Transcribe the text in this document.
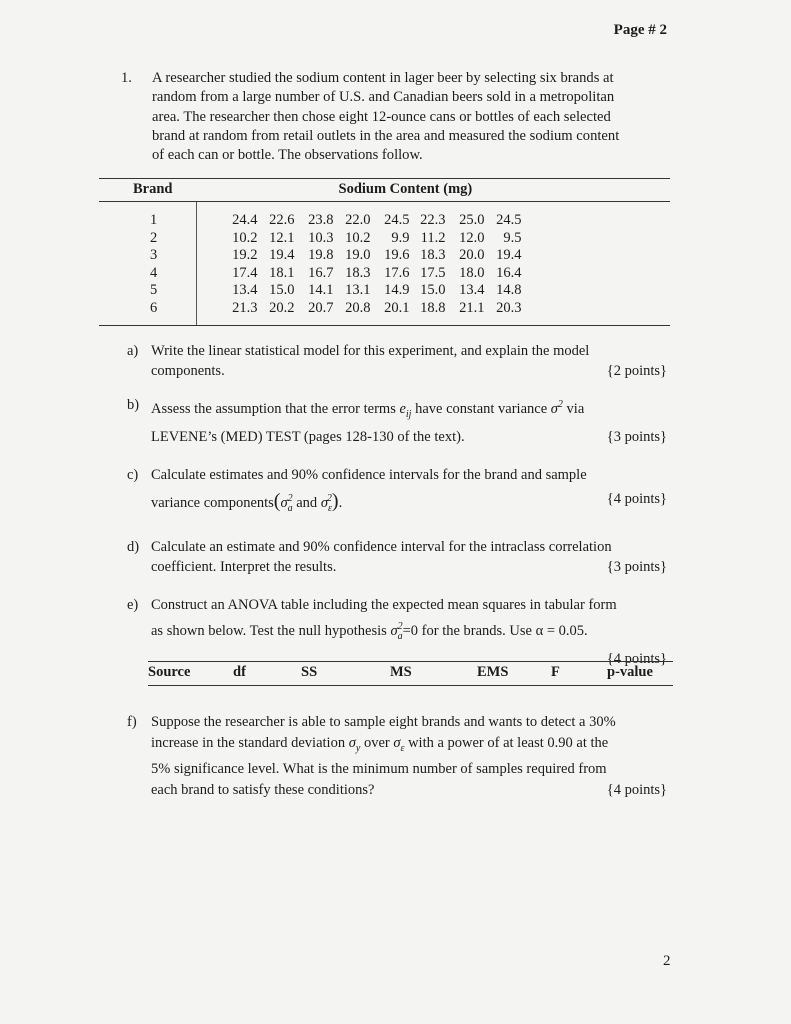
Page # 2
1. A researcher studied the sodium content in lager beer by selecting six brands at
random from a large number of U.S. and Canadian beers sold in a metropolitan
area. The researcher then chose eight 12-ounce cans or bottles of each selected
brand at random from retail outlets in the area and measured the sodium content
of each can or bottle. The observations follow.
Brand	Sodium Content (mg)								
1	24.4	22.6	23.8	22.0	24.5	22.3	25.0	24.5	
2	10.2	12.1	10.3	10.2	9.9	11.2	12.0	9.5	
3	19.2	19.4	19.8	19.0	19.6	18.3	20.0	19.4	
4	17.4	18.1	16.7	18.3	17.6	17.5	18.0	16.4	
5	13.4	15.0	14.1	13.1	14.9	15.0	13.4	14.8	
6	21.3	20.2	20.7	20.8	20.1	18.8	21.1	20.3	
a) Write the linear statistical model for this experiment, and explain the model
components.	{2 points}
b) Assess the assumption that the error terms $e_{ij}$ have constant variance $\sigma^2$ via
LEVENE’s (MED) TEST (pages 128-130 of the text).	{3 points}
c) Calculate estimates and 90% confidence intervals for the brand and sample
variance $components(\sigma_a^2$ and $\sigma_\varepsilon^2$).	{4 points}
d) Calculate an estimate and 90% confidence interval for the intraclass correlation
coefficient. Interpret the results.	{3 points}
e) Construct an ANOVA table including the expected mean squares in tabular form
as shown below. Test the null hypothesis $\sigma_a^2=0$ for the brands. Use α = 0.05.
{4 points}
Source	df	SS	MS	EMS	F	p-value
f) Suppose the researcher is able to sample eight brands and wants to detect a 30%
increase in the standard deviation $\sigma_y$ over $\sigma_\varepsilon$ with a power of at least 0.90 at the
5% significance level. What is the minimum number of samples required from
each brand to satisfy these conditions?	{4 points}
2
